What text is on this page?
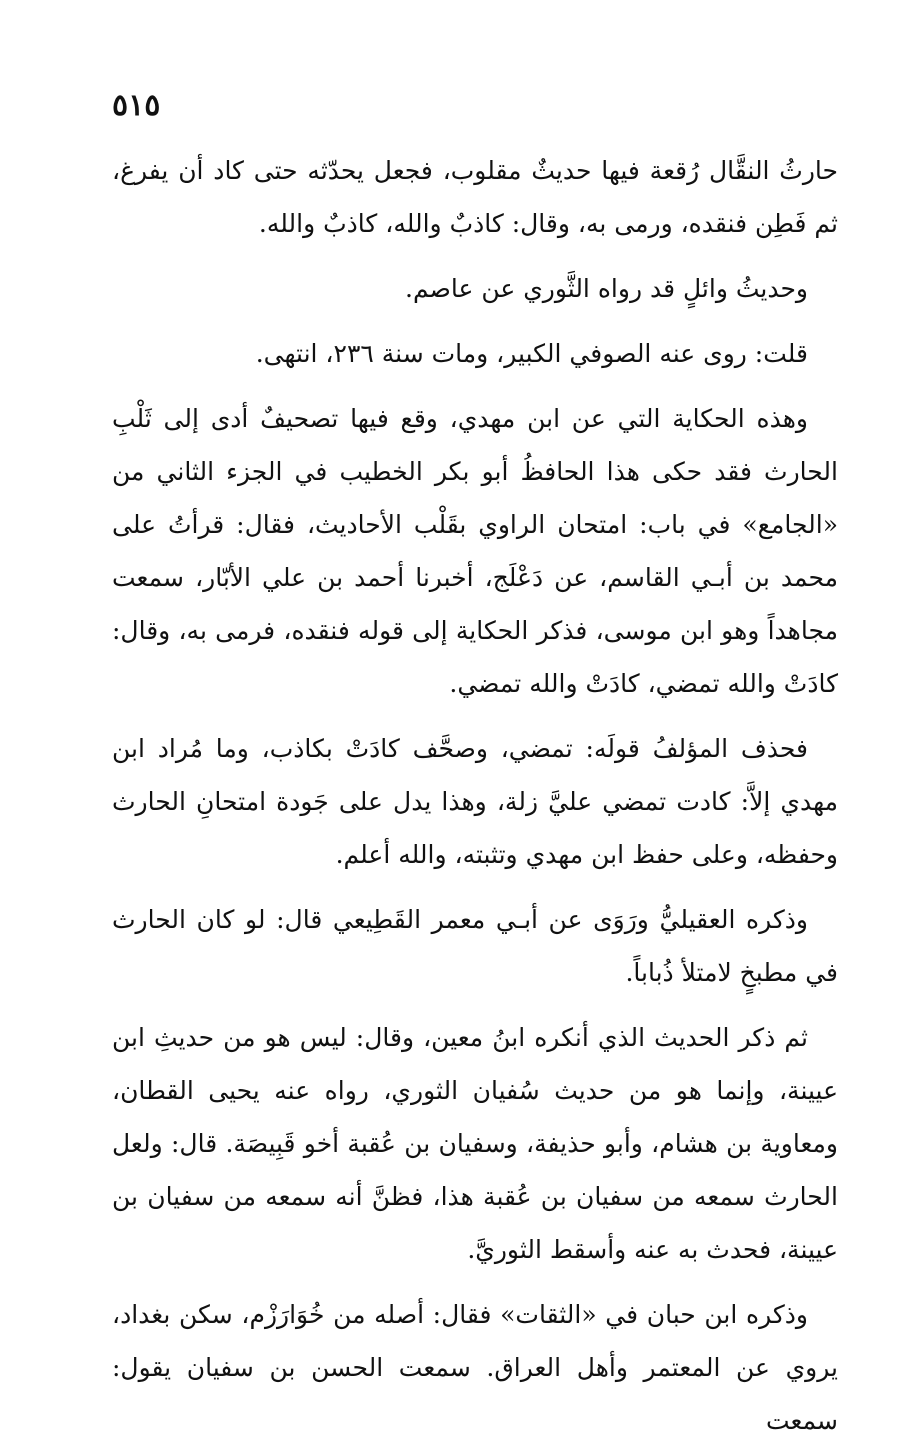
٥١٥

حارثُ النقَّال رُقعة فيها حديثٌ مقلوب، فجعل يحدّثه حتى كاد أن يفرغ، ثم فَطِن فنقده، ورمى به، وقال: كاذبٌ والله، كاذبٌ والله.

وحديثُ وائلٍ قد رواه الثَّوري عن عاصم.

قلت: روى عنه الصوفي الكبير، ومات سنة ٢٣٦، انتهى.

وهذه الحكاية التي عن ابن مهدي، وقع فيها تصحيفٌ أدى إلى ثَلْبِ الحارث فقد حكى هذا الحافظُ أبو بكر الخطيب في الجزء الثاني من «الجامع» في باب: امتحان الراوي بقَلْب الأحاديث، فقال: قرأتُ على محمد بن أبـي القاسم، عن دَعْلَج، أخبرنا أحمد بن علي الأبّار، سمعت مجاهداً وهو ابن موسى، فذكر الحكاية إلى قوله فنقده، فرمى به، وقال: كادَتْ والله تمضي، كادَتْ والله تمضي.

فحذف المؤلفُ قولَه: تمضي، وصحَّف كادَتْ بكاذب، وما مُراد ابن مهدي إلاَّ: كادت تمضي عليَّ زلة، وهذا يدل على جَودة امتحانِ الحارث وحفظه، وعلى حفظ ابن مهدي وتثبته، والله أعلم.

وذكره العقيليُّ ورَوَى عن أبـي معمر القَطِيعي قال: لو كان الحارث في مطبخٍ لامتلأ ذُباباً.

ثم ذكر الحديث الذي أنكره ابنُ معين، وقال: ليس هو من حديثِ ابن عيينة، وإنما هو من حديث سُفيان الثوري، رواه عنه يحيى القطان، ومعاوية بن هشام، وأبو حذيفة، وسفيان بن عُقبة أخو قَبِيصَة. قال: ولعل الحارث سمعه من سفيان بن عُقبة هذا، فظنَّ أنه سمعه من سفيان بن عيينة، فحدث به عنه وأسقط الثوريَّ.

وذكره ابن حبان في «الثقات» فقال: أصله من خُوَارَزْم، سكن بغداد، يروي عن المعتمر وأهل العراق. سمعت الحسن بن سفيان يقول: سمعت
